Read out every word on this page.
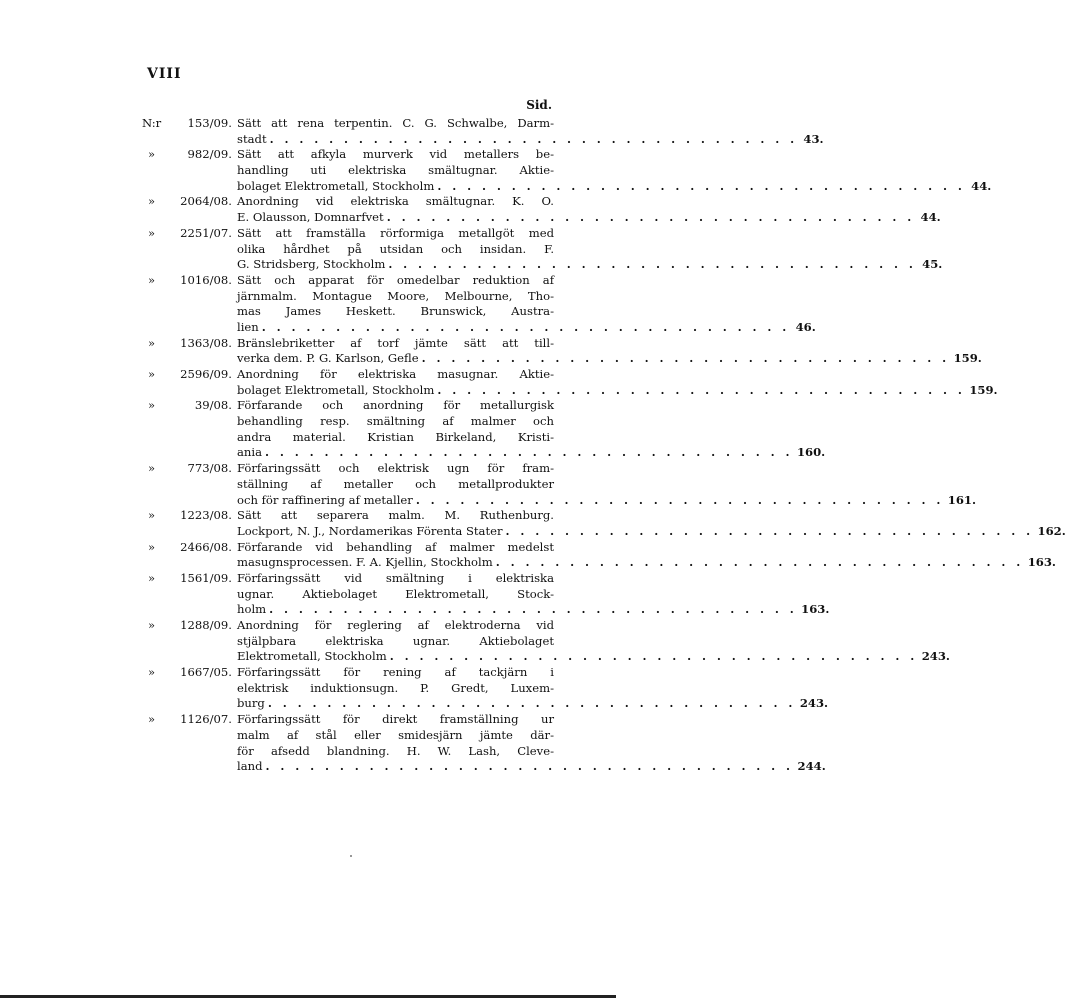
VIII
Sid.
N:r 153/09. Sätt att rena terpentin. C. G. Schwalbe, Darm-
stadt . . . . . . . . . . . . . . . . . . . . . . . . . . . . . . . . . . . . 43.
»	982/09. Sätt att afkyla murverk vid metallers be-
handling uti elektriska smältugnar. Aktie-
bolaget Elektrometall, Stockholm . . . . . . . . . . . . . . . . . . . . . . . . . . . . . . . . . . . . 44.
» 2064/08. Anordning vid elektriska smältugnar. K. O.
E. Olausson, Domnarfvet . . . . . . . . . . . . . . . . . . . . . . . . . . . . . . . . . . . . 44.
» 2251/07. Sätt att framställa rörformiga metallgöt med
olika hårdhet på utsidan och insidan. F.
G. Stridsberg, Stockholm . . . . . . . . . . . . . . . . . . . . . . . . . . . . . . . . . . . . 45.
» 1016/08. Sätt och apparat för omedelbar reduktion af
järnmalm. Montague Moore, Melbourne, Tho-
mas James Heskett. Brunswick, Austra-
lien . . . . . . . . . . . . . . . . . . . . . . . . . . . . . . . . . . . . 46.
» 1363/08. Bränslebriketter af torf jämte sätt att till-
verka dem. P. G. Karlson, Gefle . . . . . . . . . . . . . . . . . . . . . . . . . . . . . . . . . . . . 159.
» 2596/09. Anordning för elektriska masugnar. Aktie-
bolaget Elektrometall, Stockholm . . . . . . . . . . . . . . . . . . . . . . . . . . . . . . . . . . . . 159.
»	39/08. Förfarande och anordning för metallurgisk
behandling resp. smältning af malmer och
andra material. Kristian Birkeland, Kristi-
ania . . . . . . . . . . . . . . . . . . . . . . . . . . . . . . . . . . . . 160.
»	773/08. Förfaringssätt och elektrisk ugn för fram-
ställning af metaller och metallprodukter
och för raffinering af metaller . . . . . . . . . . . . . . . . . . . . . . . . . . . . . . . . . . . . 161.
» 1223/08. Sätt att separera malm. M. Ruthenburg.
Lockport, N. J., Nordamerikas Förenta Stater . . . . . . . . . . . . . . . . . . . . . . . . . . . . . . . . . . . . 162.
» 2466/08. Förfarande vid behandling af malmer medelst
masugnsprocessen. F. A. Kjellin, Stockholm . . . . . . . . . . . . . . . . . . . . . . . . . . . . . . . . . . . . 163.
» 1561/09. Förfaringssätt vid smältning i elektriska
ugnar. Aktiebolaget Elektrometall, Stock-
holm . . . . . . . . . . . . . . . . . . . . . . . . . . . . . . . . . . . . 163.
» 1288/09. Anordning för reglering af elektroderna vid
stjälpbara elektriska ugnar. Aktiebolaget
Elektrometall, Stockholm . . . . . . . . . . . . . . . . . . . . . . . . . . . . . . . . . . . . 243.
» 1667/05. Förfaringssätt för rening af tackjärn i
elektrisk induktionsugn. P. Gredt, Luxem-
burg . . . . . . . . . . . . . . . . . . . . . . . . . . . . . . . . . . . . 243.
» 1126/07. Förfaringssätt för direkt framställning ur
malm af stål eller smidesjärn jämte där-
för afsedd blandning. H. W. Lash, Cleve-
land . . . . . . . . . . . . . . . . . . . . . . . . . . . . . . . . . . . . 244.
